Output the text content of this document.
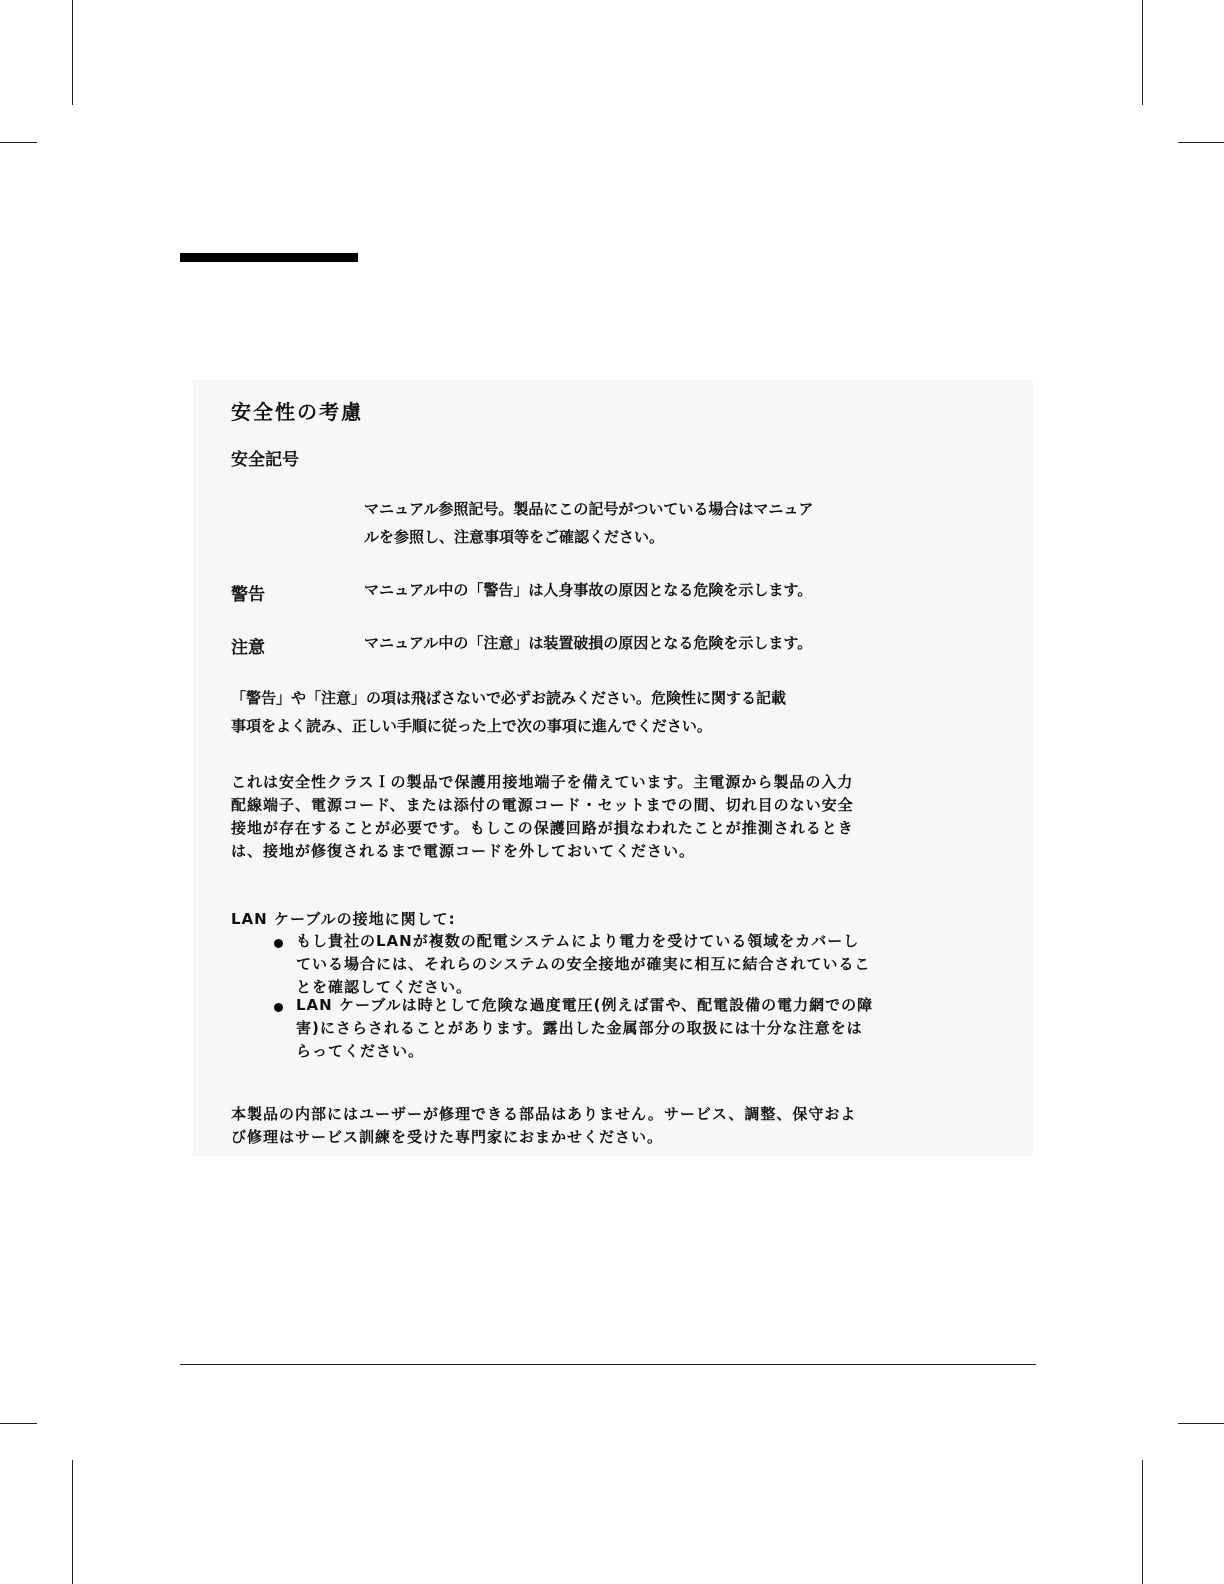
安全性の考慮
安全記号
マニュアル参照記号。製品にこの記号がついている場合はマニュア
ルを参照し、注意事項等をご確認ください。
警告	マニュアル中の「警告」は人身事故の原因となる危険を示します。
注意	マニュアル中の「注意」は装置破損の原因となる危険を示します。
「警告」や「注意」の項は飛ばさないで必ずお読みください。危険性に関する記載
事項をよく読み、正しい手順に従った上で次の事項に進んでください。
これは安全性クラスＩの製品で保護用接地端子を備えています。主電源から製品の入力
配線端子、電源コード、または添付の電源コード・セットまでの間、切れ目のない安全
接地が存在することが必要です。もしこの保護回路が損なわれたことが推測されるとき
は、接地が修復されるまで電源コードを外しておいてください。
LAN ケーブルの接地に関して:
もし貴社のLANが複数の配電システムにより電力を受けている領域をカバーし
ている場合には、それらのシステムの安全接地が確実に相互に結合されているこ
とを確認してください。
LAN ケーブルは時として危険な過度電圧(例えば雷や、配電設備の電力網での障
害)にさらされることがあります。露出した金属部分の取扱には十分な注意をは
らってください。
本製品の内部にはユーザーが修理できる部品はありません。サービス、調整、保守およ
び修理はサービス訓練を受けた専門家におまかせください。
